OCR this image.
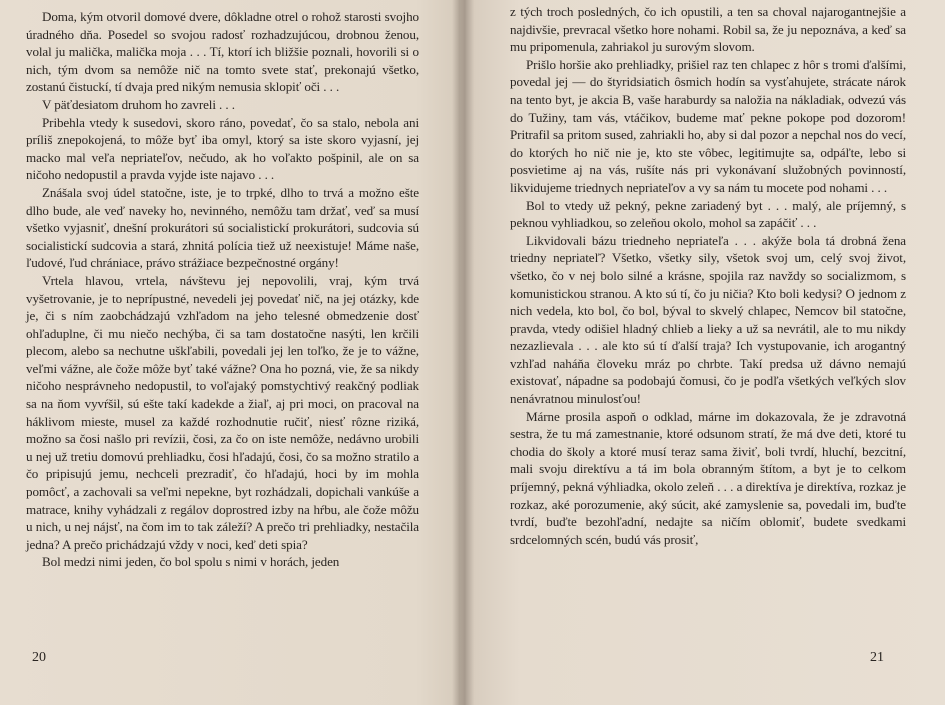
Doma, kým otvoril domové dvere, dôkladne otrel o rohož starosti svojho úradného dňa. Posedel so svojou radosť rozhadzujúcou, drobnou ženou, volal ju malička, malička moja . . . Tí, ktorí ich bližšie poznali, hovorili si o nich, tým dvom sa nemôže nič na tomto svete stať, prekonajú všetko, zostanú čistuckí, tí dvaja pred nikým nemusia sklopiť oči . . .

V päťdesiatom druhom ho zavreli . . .

Pribehla vtedy k susedovi, skoro ráno, povedať, čo sa stalo, nebola ani príliš znepokojená, to môže byť iba omyl, ktorý sa iste skoro vyjasní, jej macko mal veľa nepriateľov, nečudo, ak ho voľakto pošpinil, ale on sa ničoho nedopustil a pravda vyjde iste najavo . . .

Znášala svoj údel statočne, iste, je to trpké, dlho to trvá a možno ešte dlho bude, ale veď naveky ho, nevinného, nemôžu tam držať, veď sa musí všetko vyjasniť, dnešní prokurátori sú socialistickí prokurátori, sudcovia sú socialistickí sudcovia a stará, zhnitá polícia tiež už neexistuje! Máme naše, ľudové, ľud chrániace, právo strážiace bezpečnostné orgány!

Vrtela hlavou, vrtela, návštevu jej nepovolili, vraj, kým trvá vyšetrovanie, je to neprípustné, nevedeli jej povedať nič, na jej otázky, kde je, či s ním zaobchádzajú vzhľadom na jeho telesné obmedzenie dosť ohľaduplne, či mu niečo nechýba, či sa tam dostatočne nasýti, len krčili plecom, alebo sa nechutne uškľabili, povedali jej len toľko, že je to vážne, veľmi vážne, ale čože môže byť také vážne? Ona ho pozná, vie, že sa nikdy ničoho nesprávneho nedopustil, to voľajaký pomstychtivý reakčný podliak sa na ňom vyvŕšil, sú ešte takí kadekde a žiaľ, aj pri moci, on pracoval na háklivom mieste, musel za každé rozhodnutie ručiť, niesť rôzne riziká, možno sa čosi našlo pri revízii, čosi, za čo on iste nemôže, nedávno urobili u nej už tretiu domovú prehliadku, čosi hľadajú, čosi, čo sa možno stratilo a čo pripisujú jemu, nechceli prezradiť, čo hľadajú, hoci by im mohla pomôcť, a zachovali sa veľmi nepekne, byt rozhádzali, dopichali vankúše a matrace, knihy vyhádzali z regálov doprostred izby na hŕbu, ale čože môžu u nich, u nej nájsť, na čom im to tak záleží? A prečo tri prehliadky, nestačila jedna? A prečo prichádzajú vždy v noci, keď deti spia?

Bol medzi nimi jeden, čo bol spolu s nimi v horách, jeden

20

z tých troch posledných, čo ich opustili, a ten sa choval najarogantnejšie a najdivšie, prevracal všetko hore nohami. Robil sa, že ju nepoznáva, a keď sa mu pripomenula, zahriakol ju surovým slovom.

Prišlo horšie ako prehliadky, prišiel raz ten chlapec z hôr s tromi ďalšími, povedal jej — do štyridsiatich ôsmich hodín sa vysťahujete, strácate nárok na tento byt, je akcia B, vaše haraburdy sa naložia na nákladiak, odvezú vás do Tužiny, tam vás, vtáčikov, budeme mať pekne pokope pod dozorom! Pritrafil sa pritom sused, zahriakli ho, aby si dal pozor a nepchal nos do vecí, do ktorých ho nič nie je, kto ste vôbec, legitimujte sa, odpáľte, lebo si posvietime aj na vás, rušíte nás pri vykonávaní služobných povinností, likvidujeme triednych nepriateľov a vy sa nám tu mocete pod nohami . . .

Bol to vtedy už pekný, pekne zariadený byt . . . malý, ale príjemný, s peknou vyhliadkou, so zeleňou okolo, mohol sa zapáčiť . . .

Likvidovali bázu triedneho nepriateľa . . . akýže bola tá drobná žena triedny nepriateľ? Všetko, všetky sily, všetok svoj um, celý svoj život, všetko, čo v nej bolo silné a krásne, spojila raz navždy so socializmom, s komunistickou stranou. A kto sú tí, čo ju ničia? Kto boli kedysi? O jednom z nich vedela, kto bol, čo bol, býval to skvelý chlapec, Nemcov bil statočne, pravda, vtedy odišiel hladný chlieb a lieky a už sa nevrátil, ale to mu nikdy nezazlievala . . . ale kto sú tí ďalší traja? Ich vystupovanie, ich arogantný vzhľad naháňa človeku mráz po chrbte. Takí predsa už dávno nemajú existovať, nápadne sa podobajú čomusi, čo je podľa všetkých veľkých slov nenávratnou minulosťou!

Márne prosila aspoň o odklad, márne im dokazovala, že je zdravotná sestra, že tu má zamestnanie, ktoré odsunom stratí, že má dve deti, ktoré tu chodia do školy a ktoré musí teraz sama živiť, boli tvrdí, hluchí, bezcitní, mali svoju direktívu a tá im bola obranným štítom, a byt je to celkom príjemný, pekná výhliadka, okolo zeleň . . . a direktíva je direktíva, rozkaz je rozkaz, aké porozumenie, aký súcit, aké zamyslenie sa, povedali im, buďte tvrdí, buďte bezohľadní, nedajte sa ničím oblomiť, budete svedkami srdcelomných scén, budú vás prosiť,

21
